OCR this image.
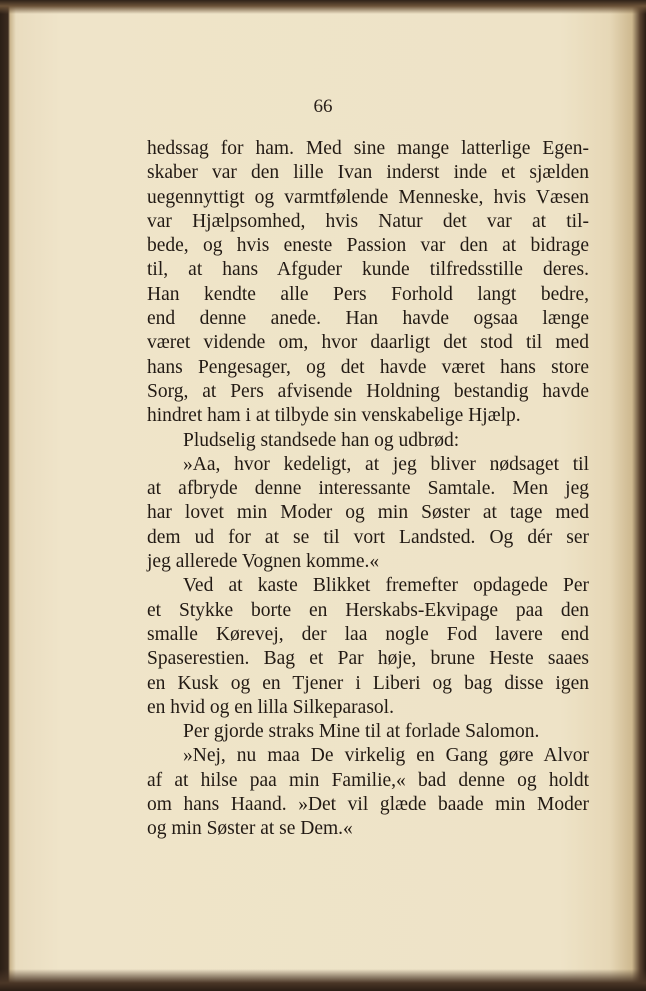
66
hedssag for ham. Med sine mange latterlige Egen-
skaber var den lille Ivan inderst inde et sjælden
uegennyttigt og varmtfølende Menneske, hvis Væsen
var Hjælpsomhed, hvis Natur det var at til-
bede, og hvis eneste Passion var den at bidrage
til, at hans Afguder kunde tilfredsstille deres.
Han kendte alle Pers Forhold langt bedre,
end denne anede. Han havde ogsaa længe
været vidende om, hvor daarligt det stod til med
hans Pengesager, og det havde været hans store
Sorg, at Pers afvisende Holdning bestandig havde
hindret ham i at tilbyde sin venskabelige Hjælp.
Pludselig standsede han og udbrød:
»Aa, hvor kedeligt, at jeg bliver nødsaget til
at afbryde denne interessante Samtale. Men jeg
har lovet min Moder og min Søster at tage med
dem ud for at se til vort Landsted. Og dér ser
jeg allerede Vognen komme.«
Ved at kaste Blikket fremefter opdagede Per
et Stykke borte en Herskabs-Ekvipage paa den
smalle Kørevej, der laa nogle Fod lavere end
Spaserestien. Bag et Par høje, brune Heste saaes
en Kusk og en Tjener i Liberi og bag disse igen
en hvid og en lilla Silkeparasol.
Per gjorde straks Mine til at forlade Salomon.
»Nej, nu maa De virkelig en Gang gøre Alvor
af at hilse paa min Familie,« bad denne og holdt
om hans Haand. »Det vil glæde baade min Moder
og min Søster at se Dem.«
